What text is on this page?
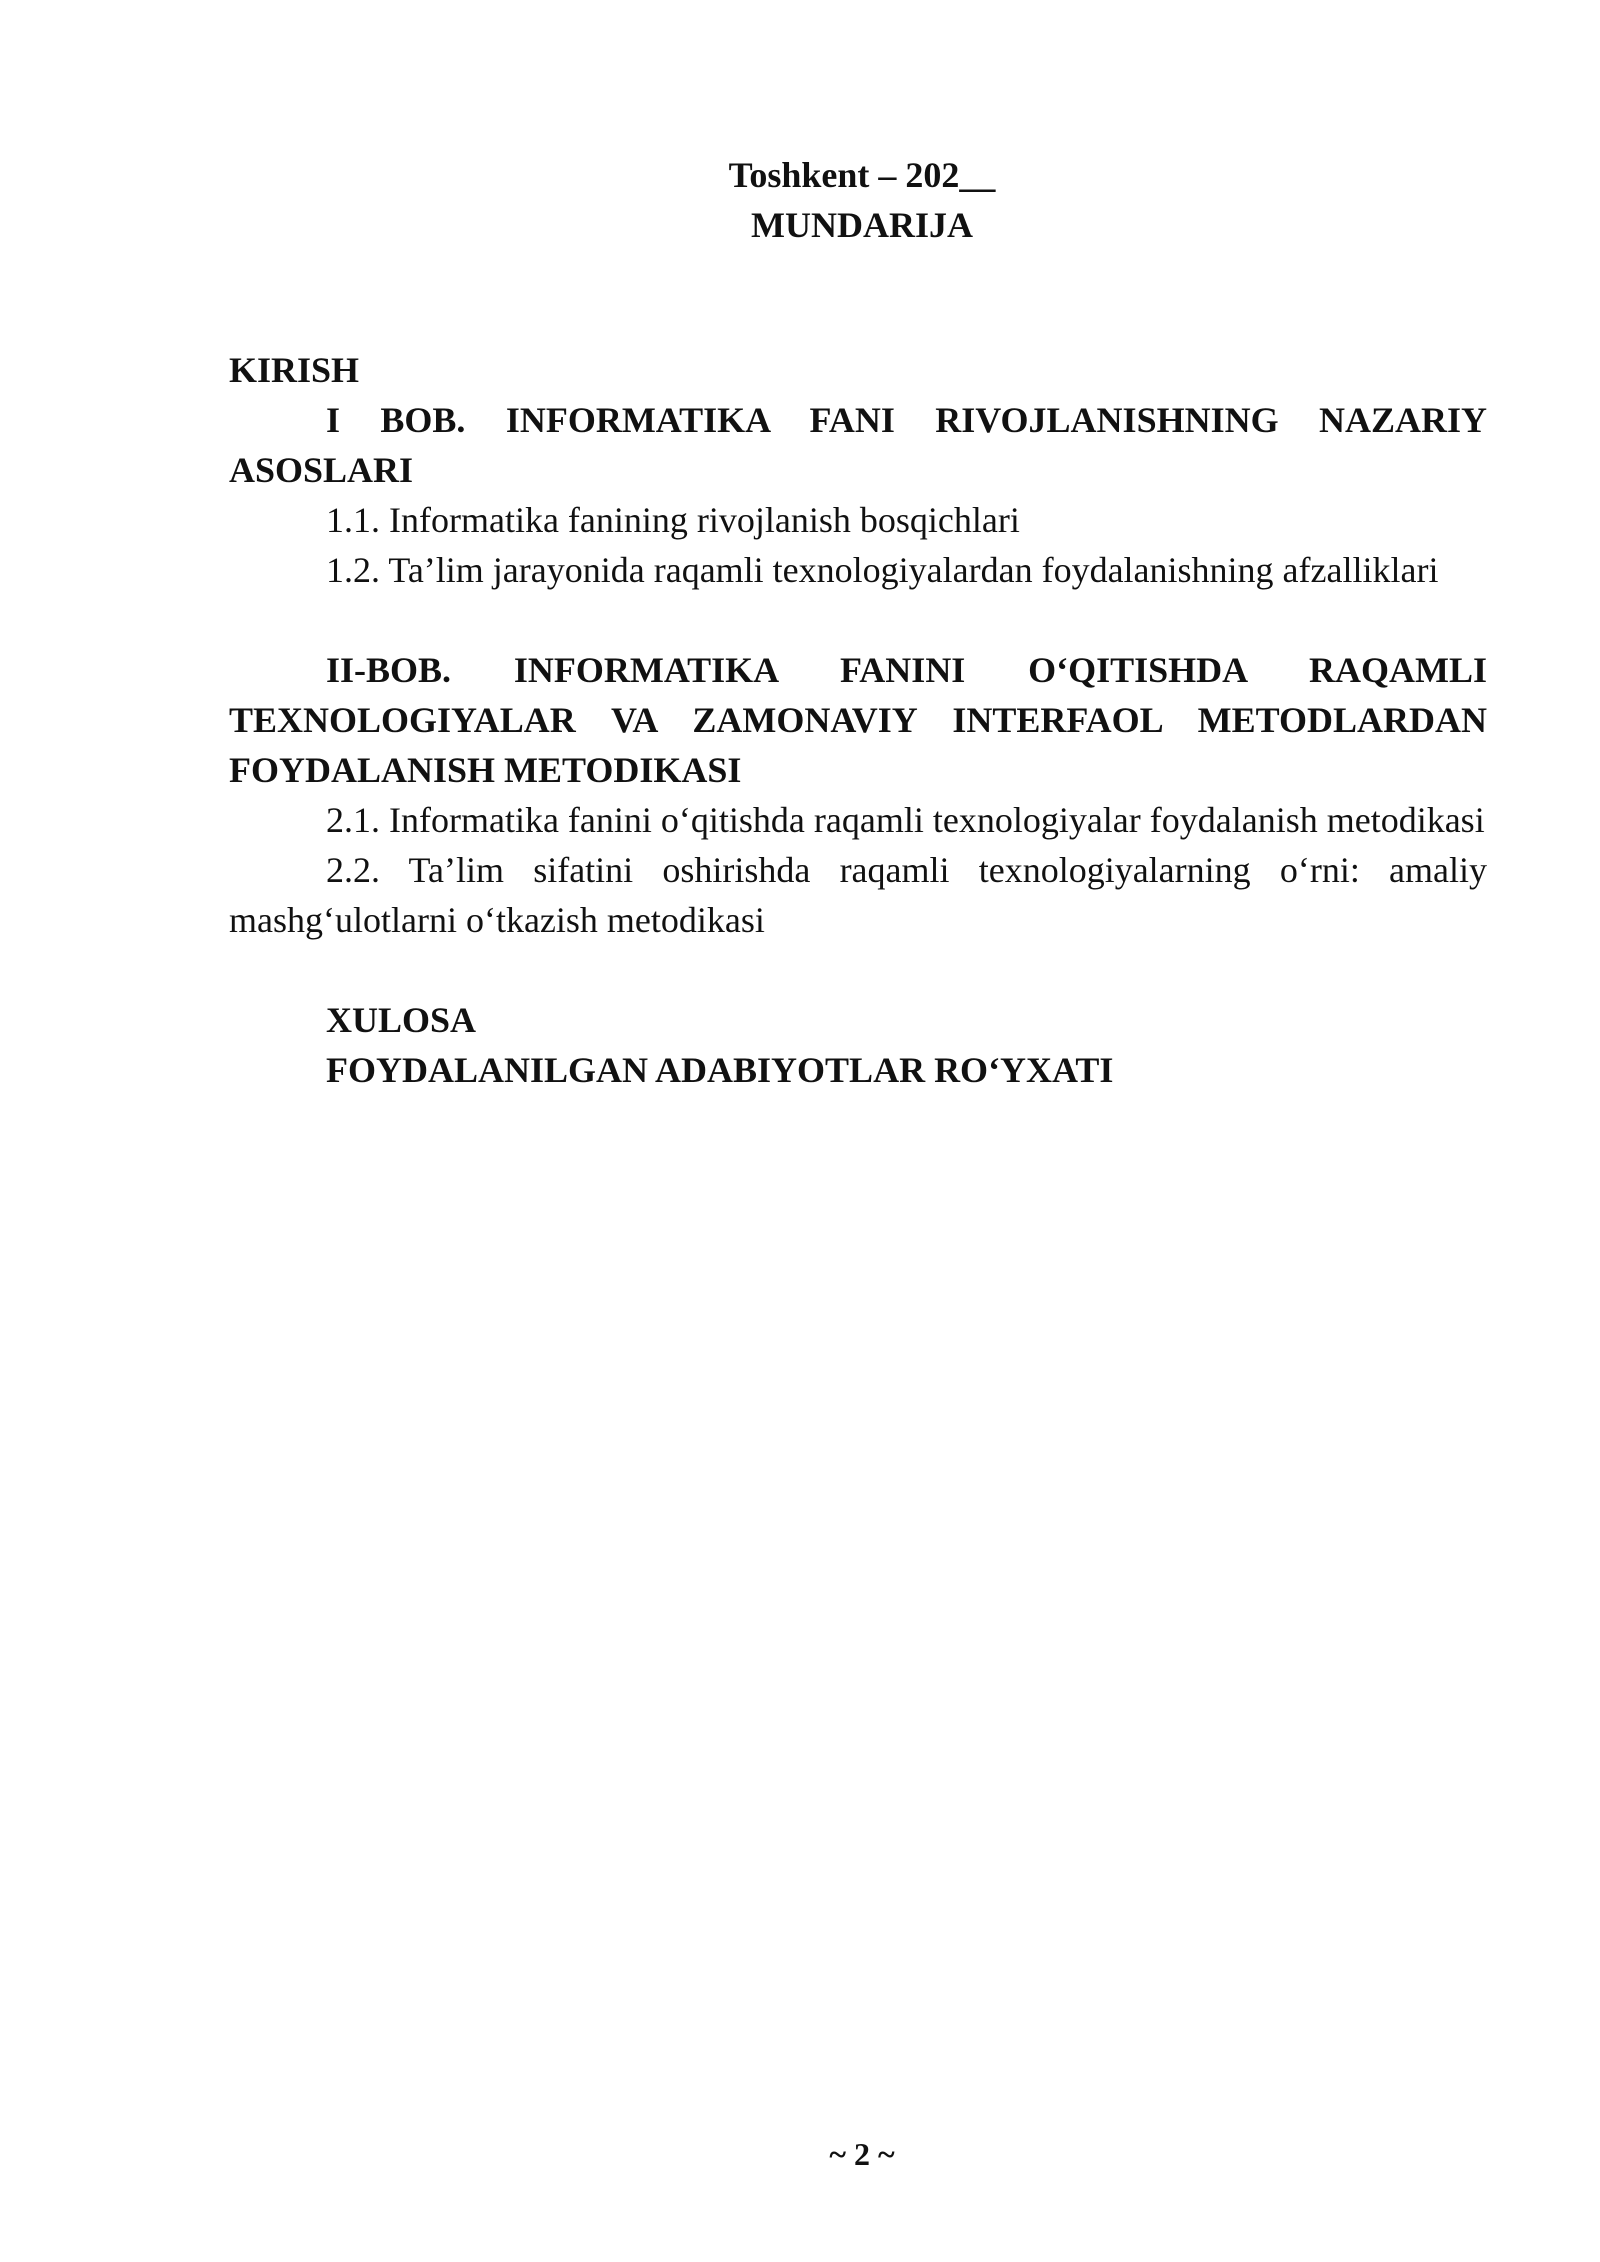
Toshkent – 202__
MUNDARIJA

KIRISH

I BOB. INFORMATIKA FANI RIVOJLANISHNING NAZARIY ASOSLARI

1.1. Informatika fanining rivojlanish bosqichlari

1.2. Ta’lim jarayonida raqamli texnologiyalardan foydalanishning afzalliklari

II-BOB. INFORMATIKA FANINI O‘QITISHDA RAQAMLI TEXNOLOGIYALAR VA ZAMONAVIY INTERFAOL METODLARDAN FOYDALANISH METODIKASI

2.1. Informatika fanini o‘qitishda raqamli texnologiyalar foydalanish metodikasi

2.2. Ta’lim sifatini oshirishda raqamli texnologiyalarning o‘rni: amaliy mashg‘ulotlarni o‘tkazish metodikasi

XULOSA

FOYDALANILGAN ADABIYOTLAR RO‘YXATI

~ 2 ~
